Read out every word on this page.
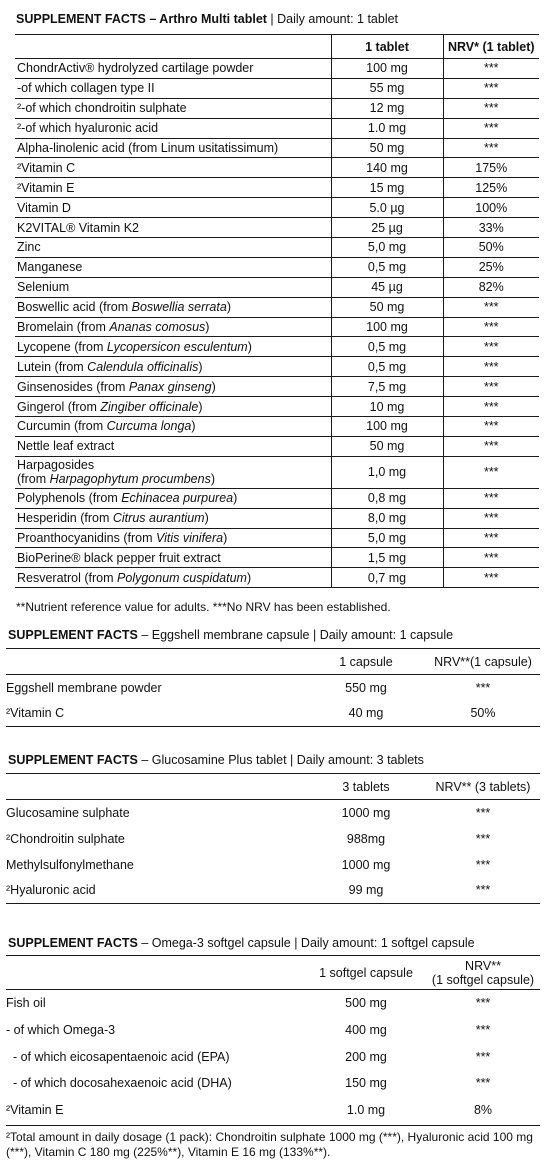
SUPPLEMENT FACTS – Arthro Multi tablet | Daily amount: 1 tablet
	1 tablet	NRV* (1 tablet)
ChondrActiv® hydrolyzed cartilage powder	100 mg	***
-of which collagen type II	55 mg	***
²-of which chondroitin sulphate	12 mg	***
²-of which hyaluronic acid	1.0 mg	***
Alpha-linolenic acid (from Linum usitatissimum)	50 mg	***
²Vitamin C	140 mg	175%
²Vitamin E	15 mg	125%
Vitamin D	5.0 µg	100%
K2VITAL® Vitamin K2	25 µg	33%
Zinc	5,0 mg	50%
Manganese	0,5 mg	25%
Selenium	45 µg	82%
Boswellic acid (from Boswellia serrata)	50 mg	***
Bromelain (from Ananas comosus)	100 mg	***
Lycopene (from Lycopersicon esculentum)	0,5 mg	***
Lutein (from Calendula officinalis)	0,5 mg	***
Ginsenosides (from Panax ginseng)	7,5 mg	***
Gingerol (from Zingiber officinale)	10 mg	***
Curcumin (from Curcuma longa)	100 mg	***
Nettle leaf extract	50 mg	***

Harpagosides
(from Harpagophytum procumbens)	1,0 mg	***
Polyphenols (from Echinacea purpurea)	0,8 mg	***
Hesperidin (from Citrus aurantium)	8,0 mg	***
Proanthocyanidins (from Vitis vinifera)	5,0 mg	***
BioPerine® black pepper fruit extract	1,5 mg	***
Resveratrol (from Polygonum cuspidatum)	0,7 mg	***
**Nutrient reference value for adults. ***No NRV has been established.
SUPPLEMENT FACTS – Eggshell membrane capsule | Daily amount: 1 capsule
	1 capsule	NRV**(1 capsule)
Eggshell membrane powder	550 mg	***
²Vitamin C	40 mg	50%
SUPPLEMENT FACTS – Glucosamine Plus tablet | Daily amount: 3 tablets
	3 tablets	NRV** (3 tablets)
Glucosamine sulphate	1000 mg	***
²Chondroitin sulphate	988mg	***
Methylsulfonylmethane	1000 mg	***
²Hyaluronic acid	99 mg	***
SUPPLEMENT FACTS – Omega-3 softgel capsule | Daily amount: 1 softgel capsule
	1 softgel capsule	NRV**
(1 softgel capsule)

Fish oil	500 mg	***
- of which Omega-3	400 mg	***
- of which eicosapentaenoic acid (EPA)	200 mg	***
- of which docosahexaenoic acid (DHA)	150 mg	***
²Vitamin E	1.0 mg	8%
²Total amount in daily dosage (1 pack): Chondroitin sulphate 1000 mg (***), Hyaluronic acid 100 mg (***), Vitamin C 180 mg (225%**), Vitamin E 16 mg (133%**).
